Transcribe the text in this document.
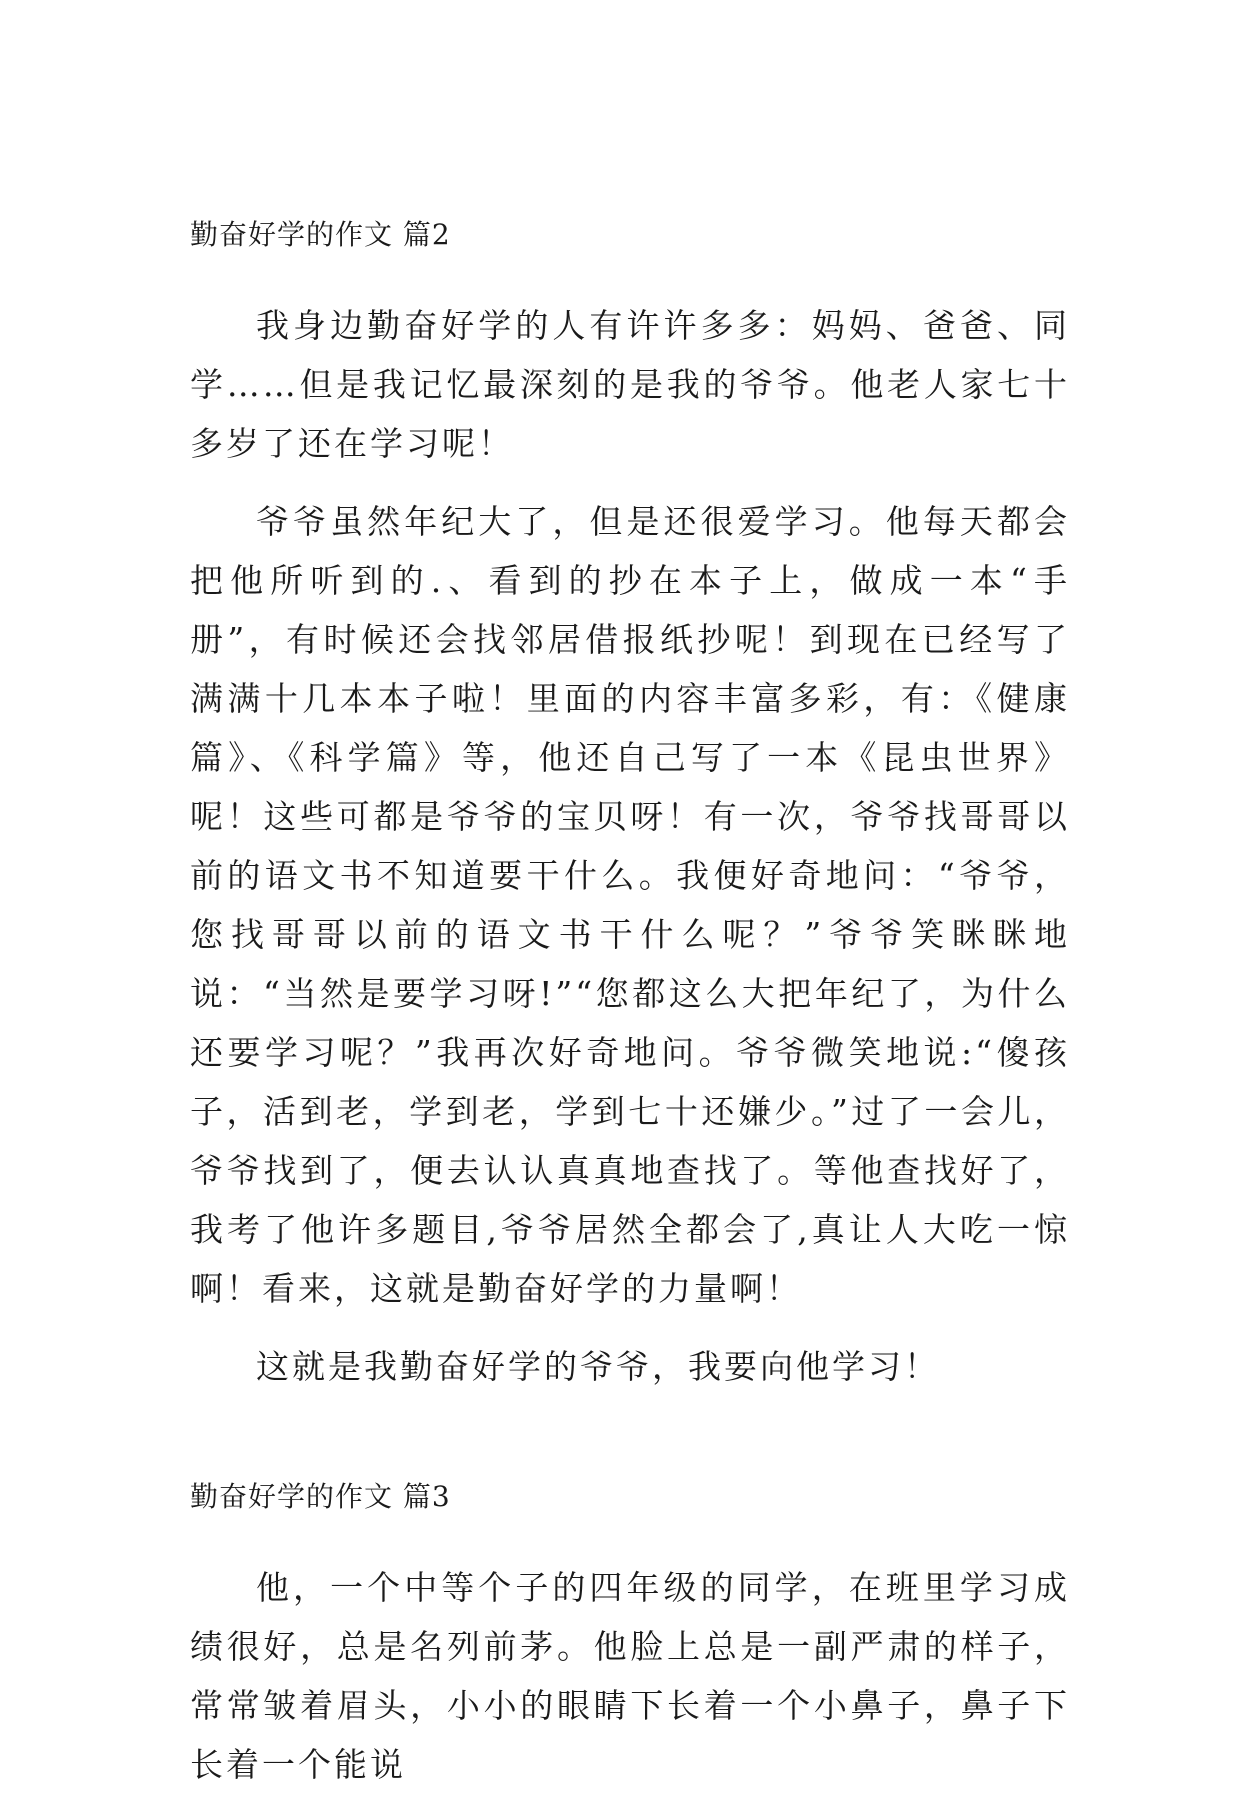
勤奋好学的作文 篇2

我身边勤奋好学的人有许许多多：妈妈、爸爸、同学……但是我记忆最深刻的是我的爷爷。他老人家七十多岁了还在学习呢！

爷爷虽然年纪大了，但是还很爱学习。他每天都会把他所听到的.、看到的抄在本子上，做成一本“手册”，有时候还会找邻居借报纸抄呢！到现在已经写了满满十几本本子啦！里面的内容丰富多彩，有：《健康篇》、《科学篇》等，他还自己写了一本《昆虫世界》呢！这些可都是爷爷的宝贝呀！有一次，爷爷找哥哥以前的语文书不知道要干什么。我便好奇地问：“爷爷，您找哥哥以前的语文书干什么呢？”爷爷笑眯眯地说：“当然是要学习呀!”“您都这么大把年纪了，为什么还要学习呢？”我再次好奇地问。爷爷微笑地说:“傻孩子，活到老，学到老，学到七十还嫌少。”过了一会儿，爷爷找到了，便去认认真真地查找了。等他查找好了，我考了他许多题目,爷爷居然全都会了,真让人大吃一惊啊！看来，这就是勤奋好学的力量啊！

这就是我勤奋好学的爷爷，我要向他学习！

勤奋好学的作文 篇3

他，一个中等个子的四年级的同学，在班里学习成绩很好，总是名列前茅。他脸上总是一副严肃的样子，常常皱着眉头，小小的眼睛下长着一个小鼻子，鼻子下长着一个能说
